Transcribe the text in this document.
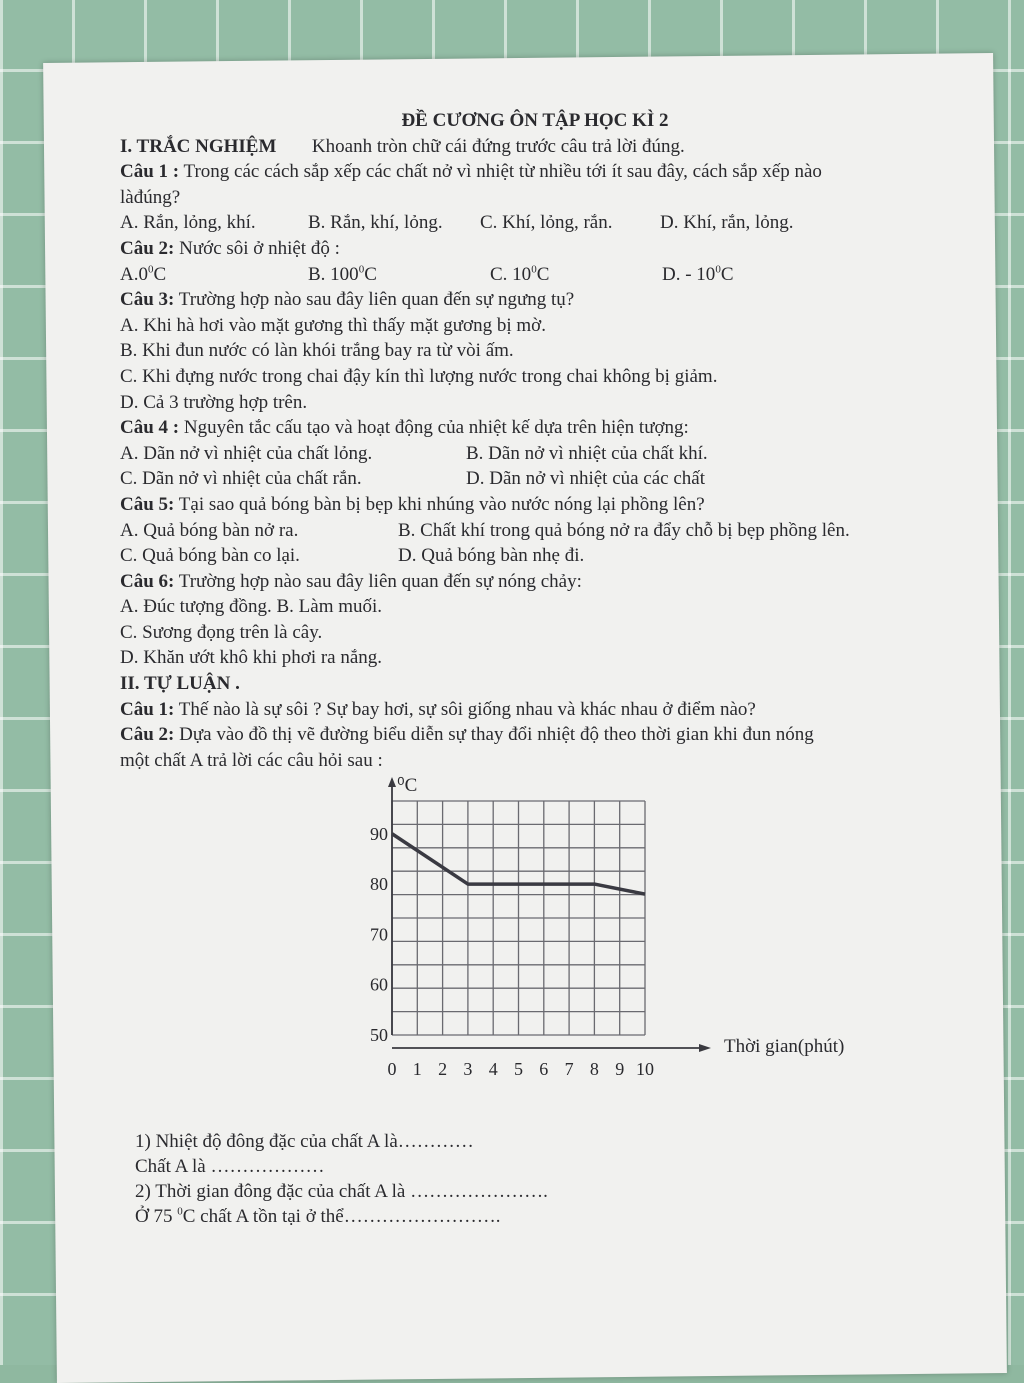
ĐỀ CƯƠNG ÔN TẬP HỌC KÌ 2
I. TRẮC NGHIỆM Khoanh tròn chữ cái đứng trước câu trả lời đúng.
Câu 1 : Trong các cách sắp xếp các chất nở vì nhiệt từ nhiều tới ít sau đây, cách sắp xếp nào
làđúng?
A. Rắn, lỏng, khí.	B. Rắn, khí, lỏng.	C. Khí, lỏng, rắn.	D. Khí, rắn, lỏng.
Câu 2: Nước sôi ở nhiệt độ :
$A.0^0C$	B. $100^0C$	C. $10^0C$	D. - $10^0C$
Câu 3: Trường hợp nào sau đây liên quan đến sự ngưng tụ?
A. Khi hà hơi vào mặt gương thì thấy mặt gương bị mờ.
B. Khi đun nước có làn khói trắng bay ra từ vòi ấm.
C. Khi đựng nước trong chai đậy kín thì lượng nước trong chai không bị giảm.
D. Cả 3 trường hợp trên.
Câu 4 : Nguyên tắc cấu tạo và hoạt động của nhiệt kế dựa trên hiện tượng:
A. Dãn nở vì nhiệt của chất lỏng.	B. Dãn nở vì nhiệt của chất khí.
C. Dãn nở vì nhiệt của chất rắn.	D. Dãn nở vì nhiệt của các chất
Câu 5: Tại sao quả bóng bàn bị bẹp khi nhúng vào nước nóng lại phồng lên?
A. Quả bóng bàn nở ra.	B. Chất khí trong quả bóng nở ra đẩy chỗ bị bẹp phồng lên.
C. Quả bóng bàn co lại.	D. Quả bóng bàn nhẹ đi.
Câu 6: Trường hợp nào sau đây liên quan đến sự nóng chảy:
A. Đúc tượng đồng. B. Làm muối.
C. Sương đọng trên là cây.
D. Khăn ướt khô khi phơi ra nắng.
II. TỰ LUẬN .
Câu 1: Thế nào là sự sôi ? Sự bay hơi, sự sôi giống nhau và khác nhau ở điểm nào?
Câu 2: Dựa vào đồ thị vẽ đường biểu diễn sự thay đổi nhiệt độ theo thời gian khi đun nóng
một chất A trả lời các câu hỏi sau :
50
60
70
80
90
0 1 2 3 4 5 6 7 8 9 10
⁰C
Thời gian(phút)
1) Nhiệt độ đông đặc của chất A là…………
Chất A là ………………
2) Thời gian đông đặc của chất A là ………………….
Ở 75 $^0$C chất A tồn tại ở thể…………………….
